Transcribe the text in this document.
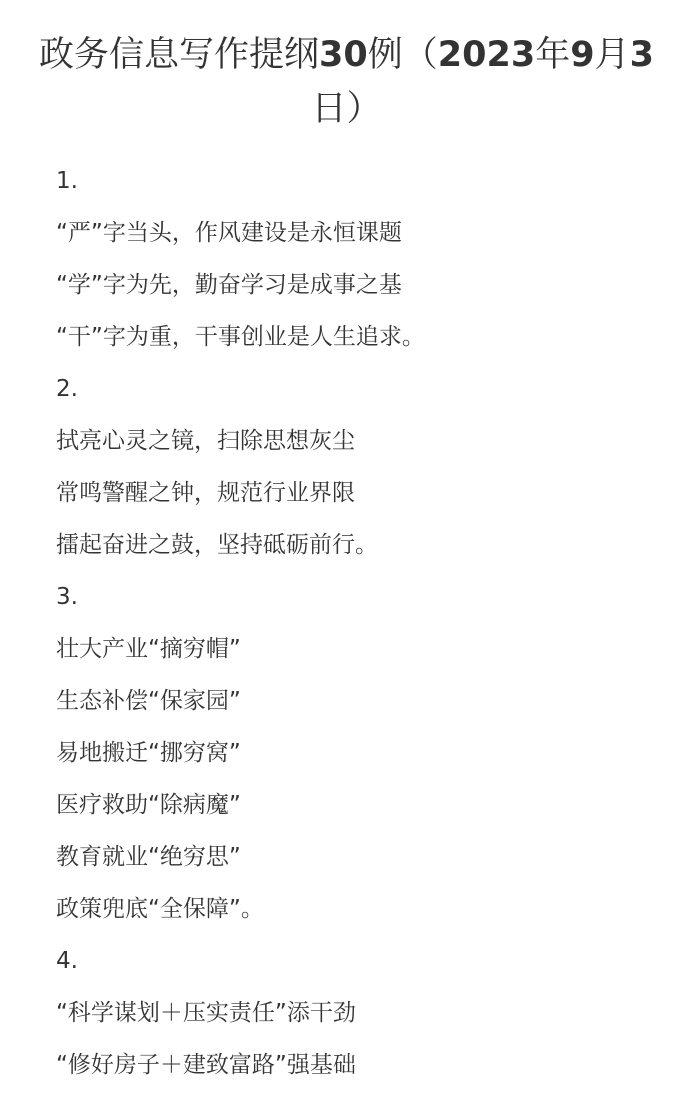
政务信息写作提纲30例（2023年9月3日）
1.
“严”字当头，作风建设是永恒课题
“学”字为先，勤奋学习是成事之基
“干”字为重，干事创业是人生追求。
2.
拭亮心灵之镜，扫除思想灰尘
常鸣警醒之钟，规范行业界限
擂起奋进之鼓，坚持砥砺前行。
3.
壮大产业“摘穷帽”
生态补偿“保家园”
易地搬迁“挪穷窝”
医疗救助“除病魔”
教育就业“绝穷思”
政策兜底“全保障”。
4.
“科学谋划＋压实责任”添干劲
“修好房子＋建致富路”强基础
